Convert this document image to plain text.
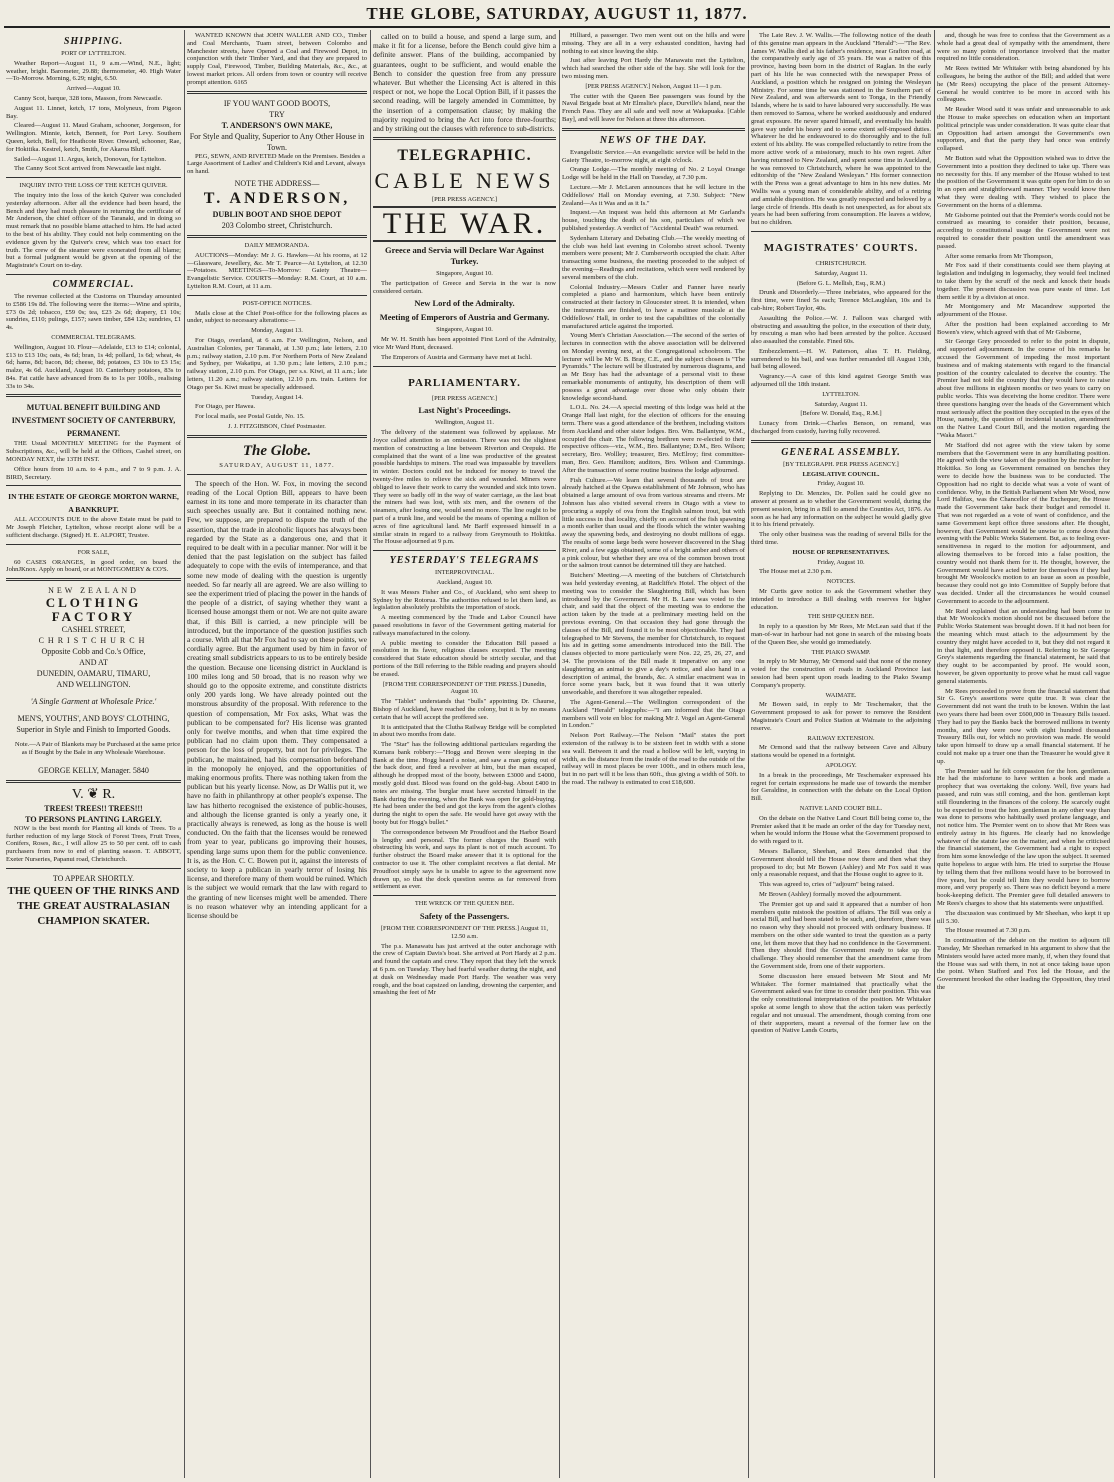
THE GLOBE, SATURDAY, AUGUST 11, 1877.
SHIPPING.
PORT OF LYTTELTON.

Weather Report—August 11, 9 a.m.—Wind, N.E., light; weather, bright. Barometer, 29.88; thermometer, 40. High Water—To-Morrow. Morning, 6.29; night, 6.50.

Arrived—August 10.

Canny Scot, barque, 328 tons, Masson, from Newcastle.

August 11. Linnet, ketch, 17 tons, Molyneux, from Pigeon Bay.

Cleared—August 11. Maud Graham, schooner, Jorgenson, for Wellington. Minnie, ketch, Bennett, for Port Levy. Southern Queen, ketch, Bell, for Heathcote River. Onward, schooner, Rae, for Hokitika. Kestrel, ketch, Smith, for Akaroa Bluff.

Sailed—August 11. Argus, ketch, Donovan, for Lyttelton.

The Canny Scot Scot arrived from Newcastle last night.

INQUIRY INTO THE LOSS OF THE KETCH QUIVER.

The inquiry into the loss of the ketch Quiver was concluded yesterday afternoon. After all the evidence had been heard, the Bench and they had much pleasure in returning the certificate of Mr Anderson, the chief officer of the Taranaki, and in doing so must remark that no possible blame attached to him. He had acted to the best of his ability. They could not help commenting on the evidence given by the Quiver's crew, which was too exact for truth. The crew of the steamer were exonerated from all blame; but a formal judgment would be given at the opening of the Magistrate's Court on to-day.

COMMERCIAL.

The revenue collected at the Customs on Thursday amounted to £586 19s 8d. The following were the items:—Wine and spirits, £73 0s 2d; tobacco, £59 0s; tea, £23 2s 6d; drapery, £1 10s; sundries, £110; pulings, £157; sawn timber, £84 12s; sundries, £1 4s.

COMMERCIAL TELEGRAMS.

Wellington, August 10. Flour—Adelaide, £13 to £14; colonial, £13 to £13 10s; oats, 4s 6d; bran, 1s 4d; pollard, 1s 6d; wheat, 4s 6d; hams, 8d; bacon, 8d; cheese, 8d; potatoes, £3 10s to £3 15s; malze, 4s 6d. Auckland, August 10. Canterbury potatoes, 83s to 84s. Fat cattle have advanced from 8s to 1s per 100lb., realising 33s to 34s.

MUTUAL BENEFIT BUILDING AND INVESTMENT SOCIETY OF CANTERBURY, PERMANENT.

THE Usual MONTHLY MEETING for the Payment of Subscriptions, &c., will be held at the Offices, Cashel street, on MONDAY NEXT, the 13TH INST.

Office hours from 10 a.m. to 4 p.m., and 7 to 9 p.m. J. A. BIRD, Secretary.

IN THE ESTATE OF GEORGE MORTON WARNE, A BANKRUPT.

ALL ACCOUNTS DUE to the above Estate must be paid to Mr Joseph Fletcher, Lyttelton, whose receipt alone will be a sufficient discharge. (Signed) H. E. ALPORT, Trustee.

FOR SALE,

60 CASES ORANGES, in good order, on board the JohnJKnox. Apply on board, or at MONTGOMERY & CO'S.

NEW ZEALAND
CLOTHING FACTORY
CASHEL STREET,
CHRISTCHURCH
Opposite Cobb and Co.'s Office,
AND AT
DUNEDIN, OAMARU, TIMARU,
AND WELLINGTON.
'A Single Garment at Wholesale Price.'
MEN'S, YOUTHS', AND BOYS' CLOTHING,
Superior in Style and Finish to Imported Goods.

Note.—A Pair of Blankets may be Purchased at the same price as if Bought by the Bale in any Wholesale Warehouse.

GEORGE KELLY, Manager. 5840
V. ❦ R.
TREES! TREES!! TREES!!!
TO PERSONS PLANTING LARGELY.

NOW is the best month for Planting all kinds of Trees. To a further reduction of my large Stock of Forest Trees, Fruit Trees, Conifers, Roses, &c., I will allow 25 to 50 per cent. off to cash purchasers from now to end of planting season. T. ABBOTT, Exeter Nurseries, Papanui road, Christchurch.

TO APPEAR SHORTLY.
THE QUEEN OF THE RINKS AND THE GREAT AUSTRALASIAN CHAMPION SKATER.

WANTED KNOWN that JOHN WALLER AND CO., Timber and Coal Merchants, Tuam street, between Colombo and Manchester streets, have Opened a Coal and Firewood Depot, in conjunction with their Timber Yard, and that they are prepared to supply Coal, Firewood, Timber, Building Materials, &c., &c., at lowest market prices. All orders from town or country will receive prompt attention. 6165

IF YOU WANT GOOD BOOTS,
TRY
T. ANDERSON'S OWN MAKE,
For Style and Quality, Superior to Any Other House in Town.

PEG, SEWN, AND RIVETED Made on the Premises. Besides a Large Assortment of Ladies' and Children's Kid and Levant, always on hand.

NOTE THE ADDRESS—
T. ANDERSON,
DUBLIN BOOT AND SHOE DEPOT
203 Colombo street, Christchurch.
DAILY MEMORANDA.

AUCTIONS—Monday: Mr J. G. Hawkes—At his rooms, at 12—Glassware, Jewellery, &c. Mr T. Pearce—At Lyttelton, at 12.30—Potatoes. MEETINGS—To-Morrow: Gaiety Theatre—Evangelistic Service. COURTS—Monday: R.M. Court, at 10 a.m. Lyttelton R.M. Court, at 11 a.m.

POST-OFFICE NOTICES.

Mails close at the Chief Post-office for the following places as under, subject to necessary alterations:—

Monday, August 13.

For Otago, overland, at 6 a.m. For Wellington, Nelson, and Australian Colonies, per Taranaki, at 1.30 p.m.; late letters, 2.10 p.m.; railway station, 2.10 p.m. For Northern Ports of New Zealand and Sydney, per Wakatipu, at 1.30 p.m.; late letters, 2.10 p.m.; railway station, 2.10 p.m. For Otago, per s.s. Kiwi, at 11 a.m.; late letters, 11.20 a.m.; railway station, 12.10 p.m. train. Letters for Otago per Ss. Kiwi must be specially addressed.

Tuesday, August 14.

For Otago, per Hawea.

For local mails, see Postal Guide, No. 15.

J. J. FITZGIBBON, Chief Postmaster.
The Globe.
SATURDAY, AUGUST 11, 1877.

The speech of the Hon. W. Fox, in moving the second reading of the Local Option Bill, appears to have been earnest in its tone and more temperate in its character than such speeches usually are. But it contained nothing new. Few, we suppose, are prepared to dispute the truth of the assertion, that the trade in alcoholic liquors has always been regarded by the State as a dangerous one, and that it required to be dealt with in a peculiar manner. Nor will it be denied that the past legislation on the subject has failed adequately to cope with the evils of intemperance, and that some new mode of dealing with the question is urgently needed. So far nearly all are agreed. We are also willing to see the experiment tried of placing the power in the hands of the people of a district, of saying whether they want a licensed house amongst them or not. We are not quite aware that, if this Bill is carried, a new principle will be introduced, but the importance of the question justifies such a course. With all that Mr Fox had to say on these points, we cordially agree. But the argument used by him in favor of creating small subdistricts appears to us to be entirely beside the question. Because one licensing district in Auckland is 100 miles long and 50 broad, that is no reason why we should go to the opposite extreme, and constitute districts only 200 yards long. We have already pointed out the monstrous absurdity of the proposal. With reference to the question of compensation, Mr Fox asks, What was the publican to be compensated for? His license was granted only for twelve months, and when that time expired the publican had no claim upon them. They compensated a person for the loss of property, but not for privileges. The publican, he maintained, had his compensation beforehand in the monopoly he enjoyed, and the opportunities of making enormous profits. There was nothing taken from the publican but his yearly license. Now, as Dr Wallis put it, we have no faith in philanthropy at other people's expense. The law has hitherto recognised the existence of public-houses, and although the license granted is only a yearly one, it practically always is renewed, as long as the house is well conducted. On the faith that the licenses would be renewed from year to year, publicans go improving their houses, spending large sums upon them for the public convenience. It is, as the Hon. C. C. Bowen put it, against the interests of society to keep a publican in yearly terror of losing his license, and therefore many of them would be ruined. Which is the subject we would remark that the law with regard to the granting of new licenses might well be amended. There is no reason whatever why an intending applicant for a license should be

called on to build a house, and spend a large sum, and make it fit for a license, before the Bench could give him a definite answer. Plans of the building, accompanied by guarantees, ought to be sufficient, and would enable the Bench to consider the question free from any pressure whatever. But whether the Licensing Act is altered in this respect or not, we hope the Local Option Bill, if it passes the second reading, will be largely amended in Committee, by the insertion of a compensation clause; by making the majority required to bring the Act into force three-fourths; and by striking out the clauses with reference to sub-districts.

TELEGRAPHIC.
CABLE NEWS
[PER PRESS AGENCY.]
THE WAR.
Greece and Servia will Declare War Against Turkey.
Singapore, August 10.

The participation of Greece and Servia in the war is now considered certain.

New Lord of the Admiralty.
Meeting of Emperors of Austria and Germany.
Singapore, August 10.

Mr W. H. Smith has been appointed First Lord of the Admiralty, vice Mr Ward Hunt, deceased.

The Emperors of Austria and Germany have met at Ischl.

PARLIAMENTARY.
[PER PRESS AGENCY.]
Last Night's Proceedings.
Wellington, August 11.

The delivery of the statement was followed by applause. Mr Joyce called attention to an omission. There was not the slightest mention of constructing a line between Riverton and Orepuki. He complained that the want of a line was productive of the greatest possible hardships to miners. The road was impassable by travellers in winter. Doctors could not be induced for money to travel the twenty-five miles to relieve the sick and wounded. Miners were obliged to leave their work to carry the wounded and sick into town. They were so badly off in the way of water carriage, as the last boat the miners had was lost, with six men, and the owners of the steamers, after losing one, would send no more. The line ought to be part of a trunk line, and would be the means of opening a million of acres of fine agricultural land. Mr Barff expressed himself in a similar strain in regard to a railway from Greymouth to Hokitika. The House adjourned at 9 p.m.

YESTERDAY'S TELEGRAMS
INTERPROVINCIAL.
Auckland, August 10.

It was Messrs Fisher and Co., of Auckland, who sent sheep to Sydney by the Rotorua. The authorities refused to let them land, as legislation absolutely prohibits the importation of stock.

A meeting commenced by the Trade and Labor Council have passed resolutions in favor of the Government getting material for railways manufactured in the colony.

A public meeting to consider the Education Bill passed a resolution in its favor, religious clauses excepted. The meeting considered that State education should be strictly secular, and that portions of the Bill referring to the Bible reading and prayers should be erased.

[FROM THE CORRESPONDENT OF THE PRESS.] Dunedin, August 10.

The "Tablet" understands that "bulls" appointing Dr. Chaurse, Bishop of Auckland, have reached the colony, but it is by no means certain that he will accept the proffered see.

It is anticipated that the Clutha Railway Bridge will be completed in about two months from date.

The "Star" has the following additional particulars regarding the Kumara bank robbery:—"Hogg and Brown were sleeping in the Bank at the time. Hogg heard a noise, and saw a man going out of the back door, and fired a revolver at him, but the man escaped, although he dropped most of the booty, between £3000 and £4000, mostly gold dust. Blood was found on the gold-bag. About £400 in notes are missing. The burglar must have secreted himself in the Bank during the evening, when the Bank was open for gold-buying. He had been under the bed and got the keys from the agent's clothes during the night to open the safe. He would have got away with the booty but for Hogg's bullet."

The correspondence between Mr Proudfoot and the Harbor Board is lengthy and personal. The former charges the Board with obstructing his work, and says its plant is not of much account. To further obstruct the Board make answer that it is optional for the contractor to use it. The other complaint receives a flat denial. Mr Proudfoot simply says he is unable to agree to the agreement now drawn up, so that the dock question seems as far removed from settlement as ever.

THE WRECK OF THE QUEEN BEE.
Safety of the Passengers.
[FROM THE CORRESPONDENT OF THE PRESS.] August 11, 12.50 a.m.

The p.s. Manawatu has just arrived at the outer anchorage with the crew of Captain Davis's boat. She arrived at Port Hardy at 2 p.m. and found the captain and crew. They report that they left the wreck at 6 p.m. on Tuesday. They had fearful weather during the night, and at dusk on Wednesday made Port Hardy. The weather was very rough, and the boat capsized on landing, drowning the carpenter, and smashing the feet of Mr

Hilliard, a passenger. Two men went out on the hills and were missing. They are all in a very exhausted condition, having had nothing to eat since leaving the ship.

Just after leaving Port Hardy the Manawatu met the Lyttelton, which had searched the other side of the bay. She will look for the two missing men.

[PER PRESS AGENCY.] Nelson, August 11—1 p.m.

The cutter with the Queen Bee passengers was found by the Naval Brigade boat at Mr Elmslie's place, Durville's Island, near the French Pass. They are all safe and well now at Wakapuaka. [Cable Bay], and will leave for Nelson at three this afternoon.

NEWS OF THE DAY.

Evangelistic Service.—An evangelistic service will be held in the Gaiety Theatre, to-morrow night, at eight o'clock.

Orange Lodge.—The monthly meeting of No. 2 Loyal Orange Lodge will be held in the Hall on Tuesday, at 7.30 p.m.

Lecture.—Mr J. McLaren announces that he will lecture in the Oddfellows' Hall on Monday evening, at 7.30. Subject: "New Zealand—As it Was and as it Is."

Inquest.—An inquest was held this afternoon at Mr Garland's house, touching the death of his son, particulars of which we published yesterday. A verdict of "Accidental Death" was returned.

Sydenham Literary and Debating Club.—The weekly meeting of the club was held last evening in Colombo street school. Twenty members were present; Mr J. Cumberworth occupied the chair. After transacting some business, the meeting proceeded to the subject of the evening—Readings and recitations, which were well rendered by several members of the club.

Colonial Industry.—Messrs Cutler and Fanner have nearly completed a piano and harmonium, which have been entirely constructed at their factory in Gloucester street. It is intended, when the instruments are finished, to have a matinee musicale at the Oddfellows' Hall, in order to test the capabilities of the colonially manufactured article against the imported.

Young Men's Christian Association.—The second of the series of lectures in connection with the above association will be delivered on Monday evening next, at the Congregational schoolroom. The lecturer will be Mr W. B. Bray, C.E., and the subject chosen is "The Pyramids." The lecture will be illustrated by numerous diagrams, and as Mr Bray has had the advantage of a personal visit to these remarkable monuments of antiquity, his description of them will possess a great advantage over those who only obtain their knowledge second-hand.

L.O.L. No. 24.—A special meeting of this lodge was held at the Orange Hall last night, for the election of officers for the ensuing term. There was a good attendance of the brethren, including visitors from Auckland and other sister lodges. Bro. Wm. Ballantyne, W.M., occupied the chair. The following brethren were re-elected to their respective offices—viz., W.M., Bro. Ballantyne; D.M., Bro. Wilson; secretary, Bro. Wollley; treasurer, Bro. McElroy; first committee-man, Bro. Geo. Hamilton; auditors, Bro. Wilson and Cummings. After the transaction of some routine business the lodge adjourned.

Fish Culture.—We learn that several thousands of trout are already hatched at the Opawa establishment of Mr Johnson, who has obtained a large amount of ova from various streams and rivers. Mr Johnson has also visited several rivers in Otago with a view to procuring a supply of ova from the English salmon trout, but with little success in that locality, chiefly on account of the fish spawning a month earlier than usual and the floods which the winter washing away the spawning beds, and destroying no doubt millions of eggs. The results of some large beds were however discovered in the Shag River, and a few eggs obtained, some of a bright amber and others of a pink colour, but whether they are ova of the common brown trout or the salmon trout cannot be determined till they are hatched.

Butchers' Meeting.—A meeting of the butchers of Christchurch was held yesterday evening, at Radcliffe's Hotel. The object of the meeting was to consider the Slaughtering Bill, which has been introduced by the Government. Mr H. B. Lane was voted to the chair, and said that the object of the meeting was to endorse the action taken by the trade at a preliminary meeting held on the previous evening. On that occasion they had gone through the clauses of the Bill, and found it to be most objectionable. They had telegraphed to Mr Stevens, the member for Christchurch, to request his aid in getting some amendments introduced into the Bill. The clauses objected to more particularly were Nos. 22, 25, 26, 27, and 34. The provisions of the Bill made it imperative on any one slaughtering an animal to give a day's notice, and also hand in a description of animal, the brands, &c. A similar enactment was in force some years back, but it was found that it was utterly unworkable, and therefore it was altogether repealed.

The Agent-General.—The Wellington correspondent of the Auckland "Herald" telegraphs:—"I am informed that the Otago members will vote en bloc for making Mr J. Vogel an Agent-General in London."

Nelson Port Railway.—The Nelson "Mail" states the port extension of the railway is to be sixteen feet in width with a stone sea wall. Between it and the road a hollow will be left, varying in width, as the distance from the inside of the road to the outside of the railway will in most places be over 100ft., and in others much less, but in no part will it be less than 60ft., thus giving a width of 50ft. to the road. The railway is estimated to cost £18,600.

The Late Rev. J. W. Wallis.—The following notice of the death of this genuine man appears in the Auckland "Herald":—"The Rev. James W. Wallis died at his father's residence, near Grafton road, at the comparatively early age of 35 years. He was a native of this province, having been born in the district of Raglan. In the early part of his life he was connected with the newspaper Press of Auckland, a position which he resigned on joining the Wesleyan Ministry. For some time he was stationed in the Southern part of New Zealand, and was afterwards sent to Tonga, in the Friendly Islands, where he is said to have laboured very successfully. He was then removed to Samoa, where he worked assiduously and endured great exposure. He never spared himself, and eventually his health gave way under his heavy and to some extent self-imposed duties. Whatever he did he endeavoured to do thoroughly and to the full extent of his ability. He was compelled reluctantly to retire from the more active work of a missionary, much to his own regret. After having returned to New Zealand, and spent some time in Auckland, he was removed to Christchurch, where he was appointed to the editorship of the "New Zealand Wesleyan." His former connection with the Press was a great advantage to him in his new duties. Mr Wallis was a young man of considerable ability, and of a retiring and amiable disposition. He was greatly respected and beloved by a large circle of friends. His death is not unexpected, as for about six years he had been suffering from consumption. He leaves a widow, but no children.

MAGISTRATES' COURTS.
CHRISTCHURCH.
Saturday, August 11.
(Before G. L. Mellish, Esq., R.M.)

Drunk and Disorderly.—Three inebriates, who appeared for the first time, were fined 5s each; Terence McLaughlan, 10s and 1s cab-hire; Robert Taylor, 40s.

Assaulting the Police.—W. J. Falloon was charged with obstructing and assaulting the police, in the execution of their duty, by rescuing a man who had been arrested by the police. Accused also assaulted the constable. Fined 60s.

Embezzlement.—H. W. Patterson, alias T. H. Fielding, surrendered to his bail, and was further remanded till August 13th, bail being allowed.

Vagrancy.—A case of this kind against George Smith was adjourned till the 18th instant.

LYTTELTON.
Saturday, August 11.
[Before W. Donald, Esq., R.M.]

Lunacy from Drink.—Charles Benson, on remand, was discharged from custody, having fully recovered.

GENERAL ASSEMBLY.
[BY TELEGRAPH. PER PRESS AGENCY.]
LEGISLATIVE COUNCIL.
Friday, August 10.

Replying to Dr. Menzies, Dr. Pollen said he could give no answer at present as to whether the Government would, during the present session, bring in a Bill to amend the Counties Act, 1876. As soon as he had any information on the subject he would gladly give it to his friend privately.

The only other business was the reading of several Bills for the third time.

HOUSE OF REPRESENTATIVES.
Friday, August 10.

The House met at 2.30 p.m.

NOTICES.

Mr Curtis gave notice to ask the Government whether they intended to introduce a Bill dealing with reserves for higher education.

THE SHIP QUEEN BEE.

In reply to a question by Mr Rees, Mr McLean said that if the man-of-war in harbour had not gone in search of the missing boats of the Queen Bee, she would go immediately.

THE PIAKO SWAMP.

In reply to Mr Murray, Mr Ormond said that none of the money voted for the construction of roads in Auckland Province last session had been spent upon roads leading to the Piako Swamp Company's property.

WAIMATE.

Mr Bowen said, in reply to Mr Teschemaker, that the Government proposed to ask for power to remove the Resident Magistrate's Court and Police Station at Waimate to the adjoining reserve.

RAILWAY EXTENSION.

Mr Ormond said that the railway between Cave and Albury stations would be opened in a fortnight.

APOLOGY.

In a break in the proceedings, Mr Teschemaker expressed his regret for certain expressions he made use of towards the member for Geraldine, in connection with the debate on the Local Option Bill.

NATIVE LAND COURT BILL.

On the debate on the Native Land Court Bill being come to, the Premier asked that it be made an order of the day for Tuesday next, when he would inform the House what the Government proposed to do with regard to it.

Messrs Ballance, Sheehan, and Rees demanded that the Government should tell the House now there and then what they proposed to do; but Mr Bowen (Ashley) and Mr Fox said it was only a reasonable request, and that the House ought to agree to it.

This was agreed to, cries of "adjourn" being raised.

Mr Brown (Ashley) formally moved the adjournment.

The Premier got up and said it appeared that a number of hon members quite mistook the position of affairs. The Bill was only a social Bill, and had been stated to be such, and, therefore, there was no reason why they should not proceed with ordinary business. If members on the other side wanted to treat the question as a party one, let them move that they had no confidence in the Government. Then they should find the Government ready to take up the challenge. They should remember that the amendment came from the Government side, from one of their supporters.

Some discussion here ensued between Mr Stout and Mr Whitaker. The former maintained that practically what the Government asked was for time to consider their position. This was the only constitutional interpretation of the position. Mr Whitaker spoke at some length to show that the action taken was perfectly regular and not unusual. The amendment, though coming from one of their supporters, meant a reversal of the former law on the question of Native Lands Courts,

and, though he was free to confess that the Government as a whole had a great deal of sympathy with the amendment, there were so many points of importance involved that the matter required no little consideration.

Mr Rees twitted Mr Whitaker with being abandoned by his colleagues, he being the author of the Bill; and added that were he (Mr Rees) occupying the place of the present Attorney-General he would contrive to be more in accord with his colleagues.

Mr Reader Wood said it was unfair and unreasonable to ask the House to make speeches on education when an important political principle was under consideration. It was quite clear that an Opposition had arisen amongst the Government's own supporters, and that the party they had once was entirely collapsed.

Mr Button said what the Opposition wished was to drive the Government into a position they declined to take up. There was no necessity for this. If any member of the House wished to test the position of the Government it was quite open for him to do so in an open and straightforward manner. They would know then what they were dealing with. They wished to place the Government on the horns of a dilemma.

Mr Gisborne pointed out that the Premier's words could not be construed as meaning to consider their position, because, according to constitutional usage the Government were not required to consider their position until the amendment was passed.

After some remarks from Mr Thompson,

Mr Fox said if their constituents could see them playing at legislation and indulging in logomachy, they would feel inclined to take them by the scruff of the neck and knock their heads together. The present discussion was pure waste of time. Let them settle it by a division at once.

Mr Montgomery and Mr Macandrew supported the adjournment of the House.

After the position had been explained according to Mr Bowen's view, which agreed with that of Mr Gisborne,

Sir George Grey proceeded to refer to the point in dispute, and supported adjournment. In the course of his remarks he accused the Government of impeding the most important business and of making statements with regard to the financial position of the country calculated to deceive the country. The Premier had not told the country that they would have to raise about five millions in eighteen months or two years to carry on public works. This was deceiving the home creditor. There were three questions hanging over the heads of the Government which must seriously affect the position they occupied in the eyes of the House, namely, the question of incidental taxation, amendment on the Native Land Court Bill, and the motion regarding the "Waka Maori."

Mr Stafford did not agree with the view taken by some members that the Government were in any humiliating position. He agreed with the view taken of the position by the member for Hokitika. So long as Government remained on benches they were to decide how the business was to be conducted. The Opposition had no right to decide what was a vote of want of confidence. Why, in the British Parliament when Mr Wood, now Lord Halifax, was the Chancellor of the Exchequer, the House made the Government take back their budget and remodel it. That was not regarded as a vote of want of confidence, and the same Government kept office three sessions after. He thought, however, that Government would be unwise to come down that evening with the Public Works Statement. But, as to feeling over-sensitiveness in regard to the motion for adjournment, and allowing themselves to be forced into a false position, the country would not thank them for it. He thought, however, the Government would have acted better for themselves if they had brought Mr Woolcock's motion to an issue as soon as possible, because they could not go into Committee of Supply before that was decided. Under all the circumstances he would counsel Government to accede to the adjournment.

Mr Reid explained that an understanding had been come to that Mr Woolcock's motion should not be discussed before the Public Works Statement was brought down. If it had not been for the meaning which must attach to the adjournment by the country they might have acceded to it, but they did not regard it in that light, and therefore opposed it. Referring to Sir George Grey's statements regarding the financial statement, he said that they ought to be accompanied by proof. He would soon, however, be given opportunity to prove what he must call vague general statements.

Mr Rees proceeded to prove from the financial statement that Sir G. Grey's assertions were quite true. It was clear the Government did not want the truth to be known. Within the last two years there had been over £600,000 in Treasury Bills issued. They had to pay the Banks back the borrowed millions in twenty months, and they were now with eight hundred thousand Treasury Bills out, for which no provision was made. He would take upon himself to draw up a small financial statement. If he could not make up a truer one than the Treasurer he would give it up.

The Premier said he felt compassion for the hon. gentleman. He had the misfortune to have written a book and made a prophecy that was overtaking the colony. Well, five years had passed, and ruin was still coming, and the hon. gentleman kept still floundering in the finances of the colony. He scarcely ought to be expected to treat the hon. gentleman in any other way than was done to persons who habitually used profane language, and not notice him. The Premier went on to show that Mr Rees was entirely astray in his figures. He clearly had no knowledge whatever of the statute law on the matter, and when he criticised the financial statement, the Government had a right to expect from him some knowledge of the law upon the subject. It seemed quite hopeless to argue with him. He tried to surprise the House by telling them that five millions would have to be borrowed in five years, but he could tell him they would have to borrow more, and very properly so. There was no deficit beyond a mere book-keeping deficit. The Premier gave full detailed answers to Mr Rees's charges to show that his statements were unjustified.

The discussion was continued by Mr Sheehan, who kept it up till 5.30.

The House resumed at 7.30 p.m.

In continuation of the debate on the motion to adjourn till Tuesday, Mr Sheehan remarked in his argument to show that the Ministers would have acted more manly, if, when they found that the House was sad with them, in not at once taking issue upon the point. When Stafford and Fox led the House, and the Government brooked the other leading the Opposition, they tried the
